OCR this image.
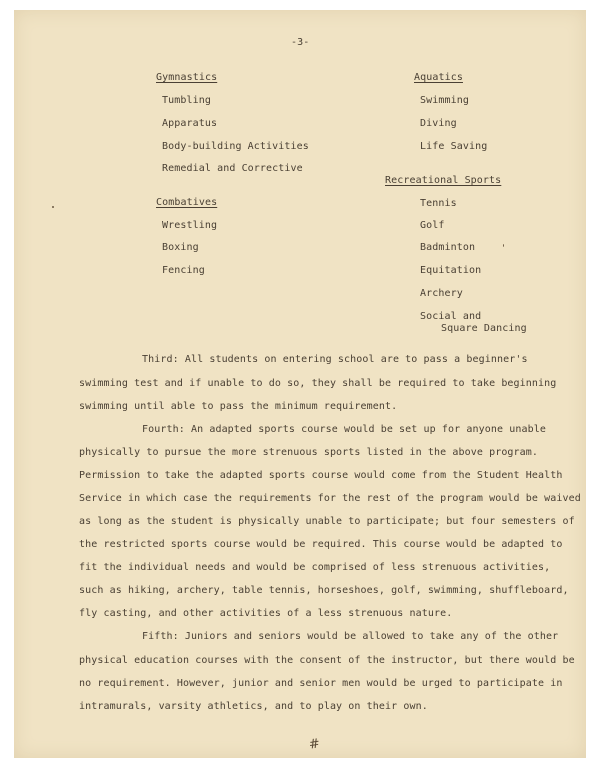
-3-
Gymnastics
Tumbling
Apparatus
Body-building Activities
Remedial and Corrective
Combatives
Wrestling
Boxing
Fencing
Aquatics
Swimming
Diving
Life Saving
Recreational Sports
Tennis
Golf
Badminton
Equitation
Archery
Social and
Square Dancing
Third: All students on entering school are to pass a beginner's
swimming test and if unable to do so, they shall be required to take beginning
swimming until able to pass the minimum requirement.
Fourth: An adapted sports course would be set up for anyone unable
physically to pursue the more strenuous sports listed in the above program.
Permission to take the adapted sports course would come from the Student Health
Service in which case the requirements for the rest of the program would be waived
as long as the student is physically unable to participate; but four semesters of
the restricted sports course would be required. This course would be adapted to
fit the individual needs and would be comprised of less strenuous activities,
such as hiking, archery, table tennis, horseshoes, golf, swimming, shuffleboard,
fly casting, and other activities of a less strenuous nature.
Fifth: Juniors and seniors would be allowed to take any of the other
physical education courses with the consent of the instructor, but there would be
no requirement. However, junior and senior men would be urged to participate in
intramurals, varsity athletics, and to play on their own.
#
